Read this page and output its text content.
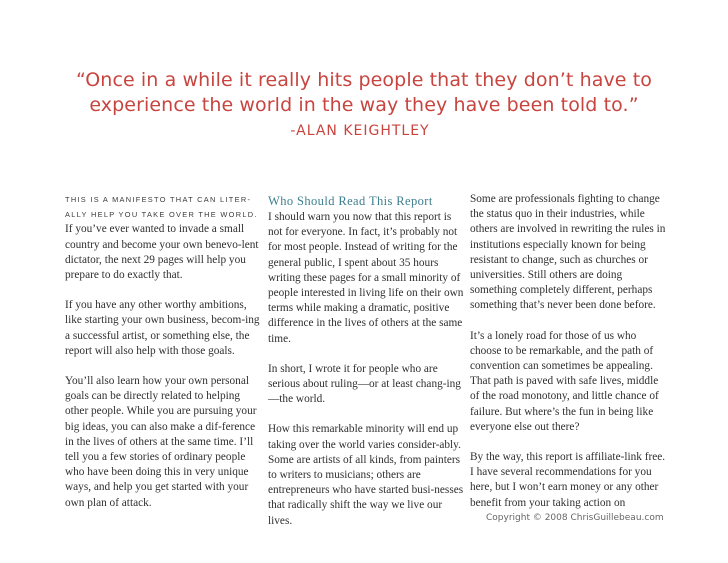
“Once in a while it really hits people that they don’t have to
experience the world in the way they have been told to.”
-ALAN KEIGHTLEY
THIS IS A MANIFESTO THAT CAN LITER-
ALLY HELP YOU TAKE OVER THE WORLD.

If you’ve ever wanted to invade a small country and become your own benevo-lent dictator, the next 29 pages will help you prepare to do exactly that.

If you have any other worthy ambitions, like starting your own business, becom-ing a successful artist, or something else, the report will also help with those goals.

You’ll also learn how your own personal goals can be directly related to helping other people. While you are pursuing your big ideas, you can also make a dif-ference in the lives of others at the same time. I’ll tell you a few stories of ordinary people who have been doing this in very unique ways, and help you get started with your own plan of attack.

Who Should Read This Report

I should warn you now that this report is not for everyone. In fact, it’s probably not for most people. Instead of writing for the general public, I spent about 35 hours writing these pages for a small minority of people interested in living life on their own terms while making a dramatic, positive difference in the lives of others at the same time.

In short, I wrote it for people who are serious about ruling—or at least chang-ing—the world.

How this remarkable minority will end up taking over the world varies consider-ably. Some are artists of all kinds, from painters to writers to musicians; others are entrepreneurs who have started busi-nesses that radically shift the way we live our lives.

Some are professionals fighting to change the status quo in their industries, while others are involved in rewriting the rules in institutions especially known for being resistant to change, such as churches or universities. Still others are doing something completely different, perhaps something that’s never been done before.

It’s a lonely road for those of us who choose to be remarkable, and the path of convention can sometimes be appealing. That path is paved with safe lives, middle of the road monotony, and little chance of failure. But where’s the fun in being like everyone else out there?

By the way, this report is affiliate-link free. I have several recommendations for you here, but I won’t earn money or any other benefit from your taking action on

Copyright © 2008 ChrisGuillebeau.com
